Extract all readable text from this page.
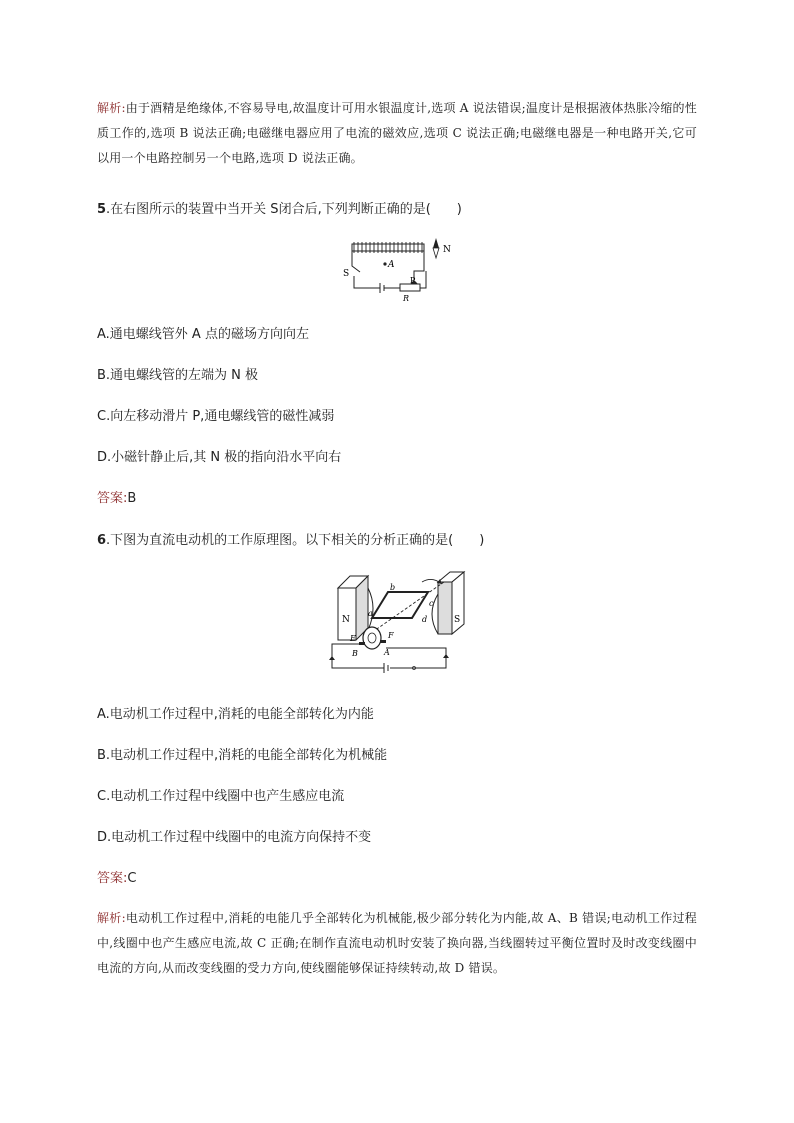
解析:由于酒精是绝缘体,不容易导电,故温度计可用水银温度计,选项 A 说法错误;温度计是根据液体热胀冷缩的性质工作的,选项 B 说法正确;电磁继电器应用了电流的磁效应,选项 C 说法正确;电磁继电器是一种电路开关,它可以用一个电路控制另一个电路,选项 D 说法正确。
5.在右图所示的装置中当开关 S闭合后,下列判断正确的是(　　)
S
A
P
R
N
A.通电螺线管外 A 点的磁场方向向左
B.通电螺线管的左端为 N 极
C.向左移动滑片 P,通电螺线管的磁性减弱
D.小磁针静止后,其 N 极的指向沿水平向右
答案:B
6.下图为直流电动机的工作原理图。以下相关的分析正确的是(　　)
N	S
a
b
c
d
E	F
A
B
A.电动机工作过程中,消耗的电能全部转化为内能
B.电动机工作过程中,消耗的电能全部转化为机械能
C.电动机工作过程中线圈中也产生感应电流
D.电动机工作过程中线圈中的电流方向保持不变
答案:C
解析:电动机工作过程中,消耗的电能几乎全部转化为机械能,极少部分转化为内能,故 A、B 错误;电动机工作过程中,线圈中也产生感应电流,故 C 正确;在制作直流电动机时安装了换向器,当线圈转过平衡位置时及时改变线圈中电流的方向,从而改变线圈的受力方向,使线圈能够保证持续转动,故 D 错误。
